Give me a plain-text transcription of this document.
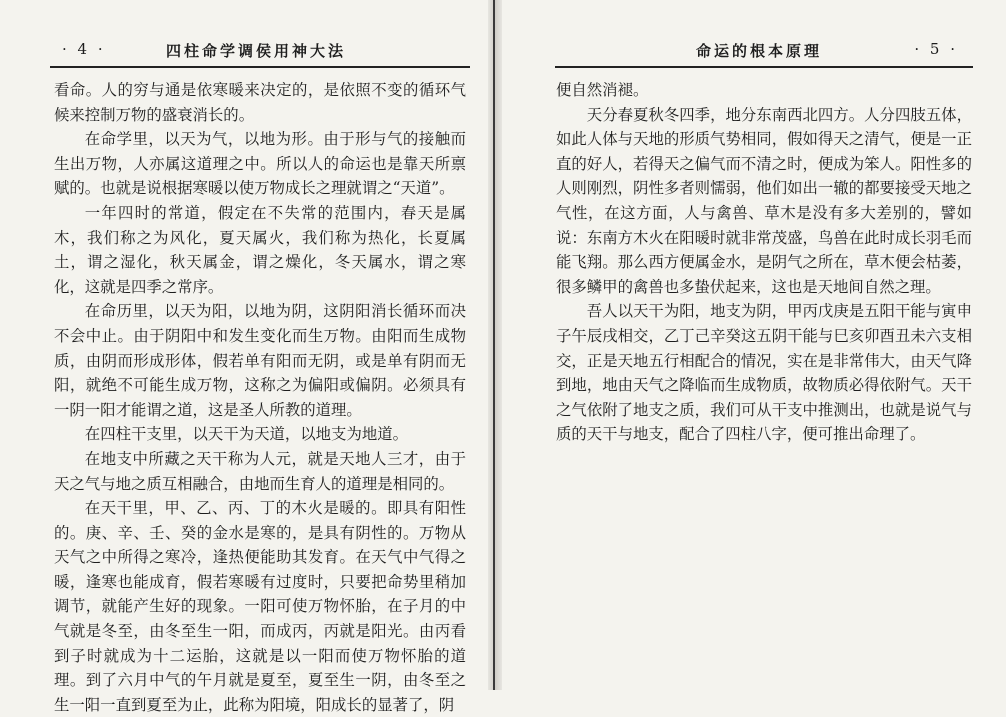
· 4 ·	四柱命学调侯用神大法

看命。人的穷与通是依寒暖来决定的，是依照不变的循环气候来控制万物的盛衰消长的。

在命学里，以天为气，以地为形。由于形与气的接触而生出万物，人亦属这道理之中。所以人的命运也是靠天所禀赋的。也就是说根据寒暖以使万物成长之理就谓之“天道”。

一年四时的常道，假定在不失常的范围内，春天是属木，我们称之为风化，夏天属火，我们称为热化，长夏属土，谓之湿化，秋天属金，谓之燥化，冬天属水，谓之寒化，这就是四季之常序。

在命历里，以天为阳，以地为阴，这阴阳消长循环而决不会中止。由于阴阳中和发生变化而生万物。由阳而生成物质，由阴而形成形体，假若单有阳而无阴，或是单有阴而无阳，就绝不可能生成万物，这称之为偏阳或偏阴。必须具有一阴一阳才能谓之道，这是圣人所教的道理。

在四柱干支里，以天干为天道，以地支为地道。

在地支中所藏之天干称为人元，就是天地人三才，由于天之气与地之质互相融合，由地而生育人的道理是相同的。

在天干里，甲、乙、丙、丁的木火是暖的。即具有阳性的。庚、辛、壬、癸的金水是寒的，是具有阴性的。万物从天气之中所得之寒冷，逢热便能助其发育。在天气中气得之暖，逢寒也能成育，假若寒暖有过度时，只要把命势里稍加调节，就能产生好的现象。一阳可使万物怀胎，在子月的中气就是冬至，由冬至生一阳，而成丙，丙就是阳光。由丙看到子时就成为十二运胎，这就是以一阳而使万物怀胎的道理。到了六月中气的午月就是夏至，夏至生一阴，由冬至之生一阳一直到夏至为止，此称为阳境，阳成长的显著了，阴

命运的根本原理	· 5 ·

便自然消褪。

天分春夏秋冬四季，地分东南西北四方。人分四肢五体，如此人体与天地的形质气势相同，假如得天之清气，便是一正直的好人，若得天之偏气而不清之时，便成为笨人。阳性多的人则刚烈，阴性多者则懦弱，他们如出一辙的都要接受天地之气性，在这方面，人与禽兽、草木是没有多大差别的，譬如说：东南方木火在阳暖时就非常茂盛，鸟兽在此时成长羽毛而能飞翔。那么西方便属金水，是阴气之所在，草木便会枯萎，很多鳞甲的禽兽也多蛰伏起来，这也是天地间自然之理。

吾人以天干为阳，地支为阴，甲丙戊庚是五阳干能与寅申子午辰戌相交，乙丁己辛癸这五阴干能与巳亥卯酉丑未六支相交，正是天地五行相配合的情况，实在是非常伟大，由天气降到地，地由天气之降临而生成物质，故物质必得依附气。天干之气依附了地支之质，我们可从干支中推测出，也就是说气与质的天干与地支，配合了四柱八字，便可推出命理了。
